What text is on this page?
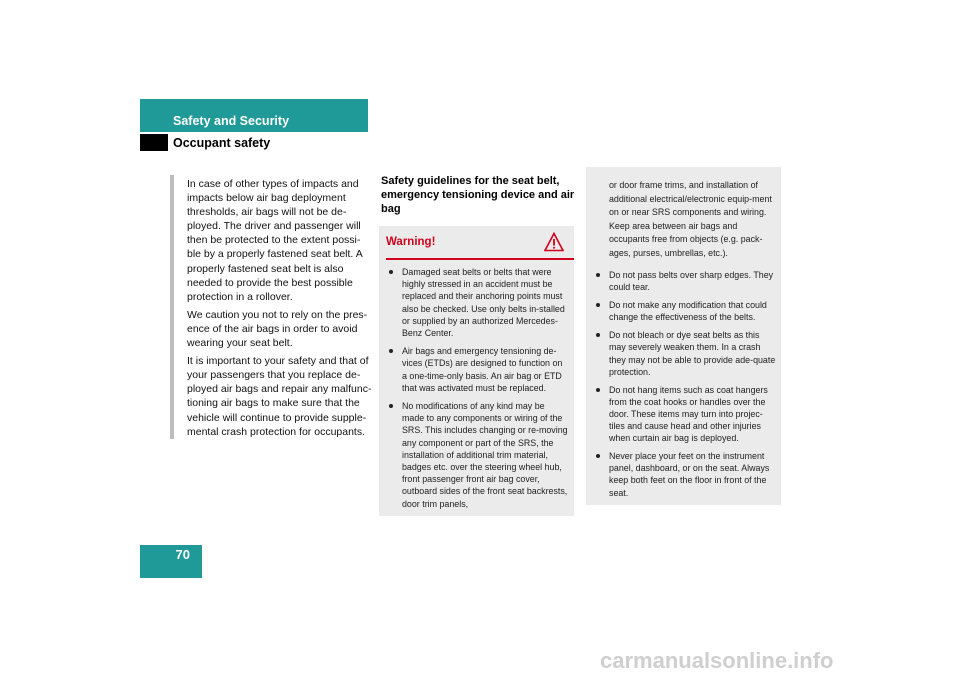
Safety and Security
Occupant safety

In case of other types of impacts and impacts below air bag deployment thresholds, air bags will not be de-ployed. The driver and passenger will then be protected to the extent possi-ble by a properly fastened seat belt. A properly fastened seat belt is also needed to provide the best possible protection in a rollover.

We caution you not to rely on the pres-ence of the air bags in order to avoid wearing your seat belt.

It is important to your safety and that of your passengers that you replace de-ployed air bags and repair any malfunc-tioning air bags to make sure that the vehicle will continue to provide supple-mental crash protection for occupants.

Safety guidelines for the seat belt, emergency tensioning device and air bag
Warning!
Damaged seat belts or belts that were highly stressed in an accident must be replaced and their anchoring points must also be checked. Use only belts in-stalled or supplied by an authorized Mercedes-Benz Center.
Air bags and emergency tensioning de-vices (ETDs) are designed to function on a one-time-only basis. An air bag or ETD that was activated must be replaced.
No modifications of any kind may be made to any components or wiring of the SRS. This includes changing or re-moving any component or part of the SRS, the installation of additional trim material, badges etc. over the steering wheel hub, front passenger front air bag cover, outboard sides of the front seat backrests, door trim panels,
or door frame trims, and installation of additional electrical/electronic equip-ment on or near SRS components and wiring. Keep area between air bags and occupants free from objects (e.g. pack-ages, purses, umbrellas, etc.).
Do not pass belts over sharp edges. They could tear.
Do not make any modification that could change the effectiveness of the belts.
Do not bleach or dye seat belts as this may severely weaken them. In a crash they may not be able to provide ade-quate protection.
Do not hang items such as coat hangers from the coat hooks or handles over the door. These items may turn into projec-tiles and cause head and other injuries when curtain air bag is deployed.
Never place your feet on the instrument panel, dashboard, or on the seat. Always keep both feet on the floor in front of the seat.
70
carmanualsonline.info
